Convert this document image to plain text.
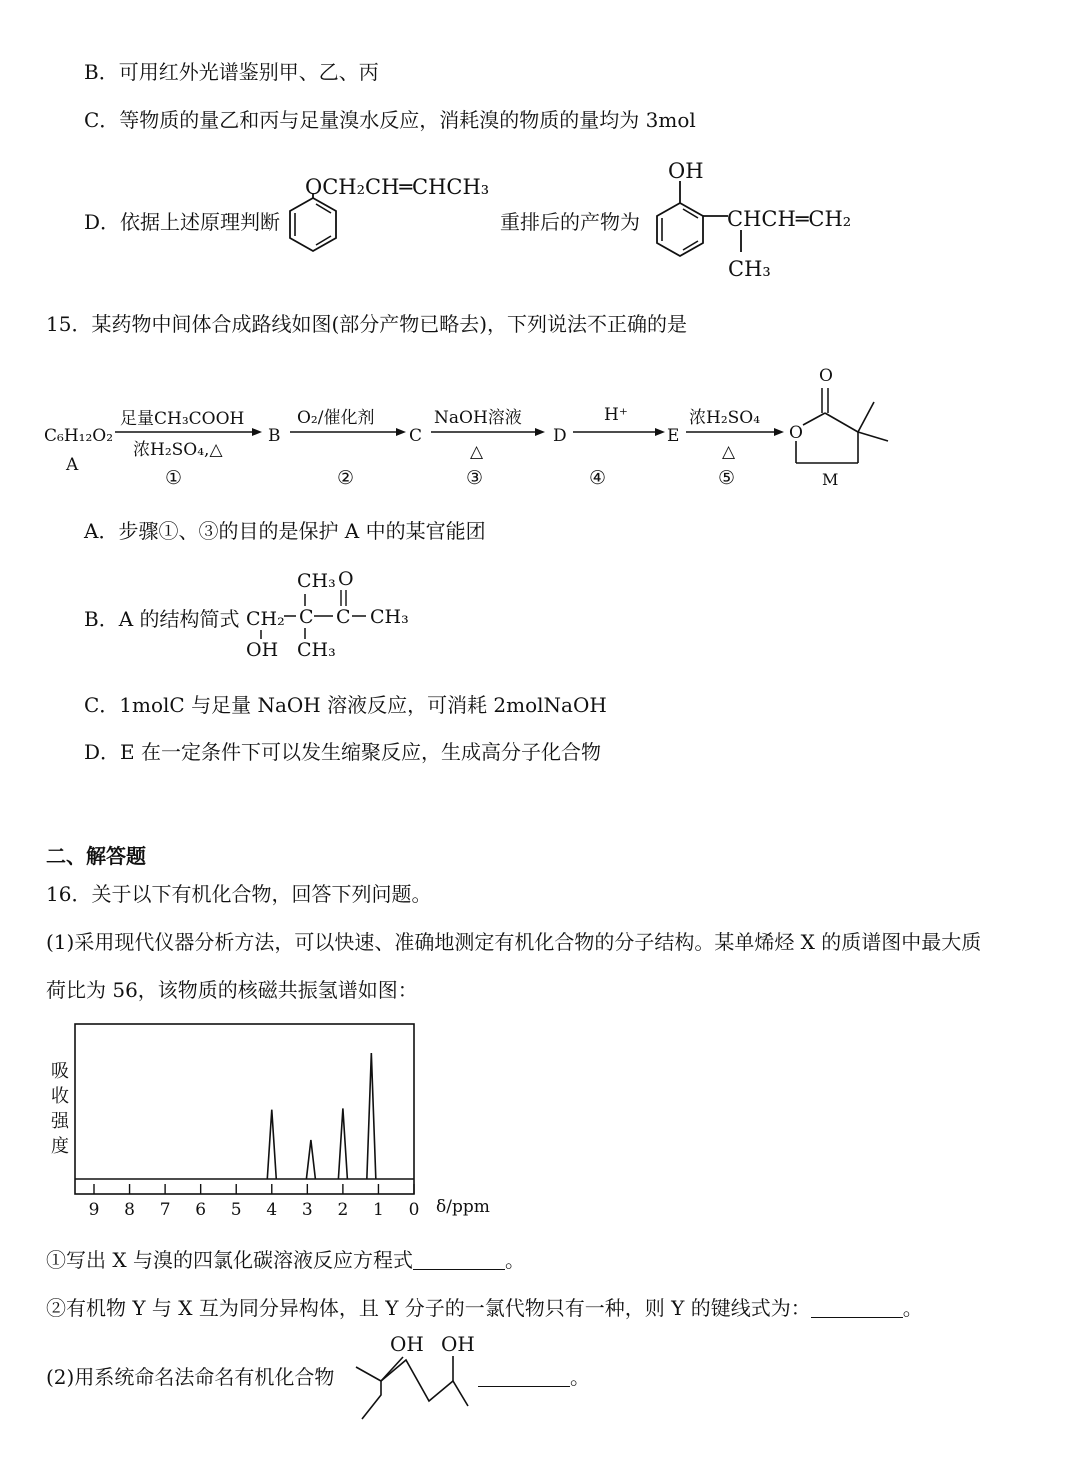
B．可用红外光谱鉴别甲、乙、丙
C．等物质的量乙和丙与足量溴水反应，消耗溴的物质的量均为 3mol
D．依据上述原理判断
OCH₂CH═CHCH₃
重排后的产物为
OH
CHCH═CH₂
CH₃
15．某药物中间体合成路线如图(部分产物已略去)，下列说法不正确的是
C₆H₁₂O₂
A
足量CH₃COOH
浓H₂SO₄,△
①
B
O₂/催化剂
②
C
NaOH溶液
△
③
D
H⁺
④
E
浓H₂SO₄
△
⑤
O
O
M
A．步骤①、③的目的是保护 A 中的某官能团
B．A 的结构简式 CH₂
OH
C
CH₃
CH₃
C
O
CH₃
C．1molC 与足量 NaOH 溶液反应，可消耗 2molNaOH
D．E 在一定条件下可以发生缩聚反应，生成高分子化合物
二、解答题
16．关于以下有机化合物，回答下列问题。
(1)采用现代仪器分析方法，可以快速、准确地测定有机化合物的分子结构。某单烯烃 X 的质谱图中最大质
荷比为 56，该物质的核磁共振氢谱如图：
吸
收
强
度
9 8 7 6 5 4 3 2 1 0 δ/ppm
①写出 X 与溴的四氯化碳溶液反应方程式	。
②有机物 Y 与 X 互为同分异构体，且 Y 分子的一氯代物只有一种，则 Y 的键线式为：	。
(2)用系统命名法命名有机化合物
OH OH
。
